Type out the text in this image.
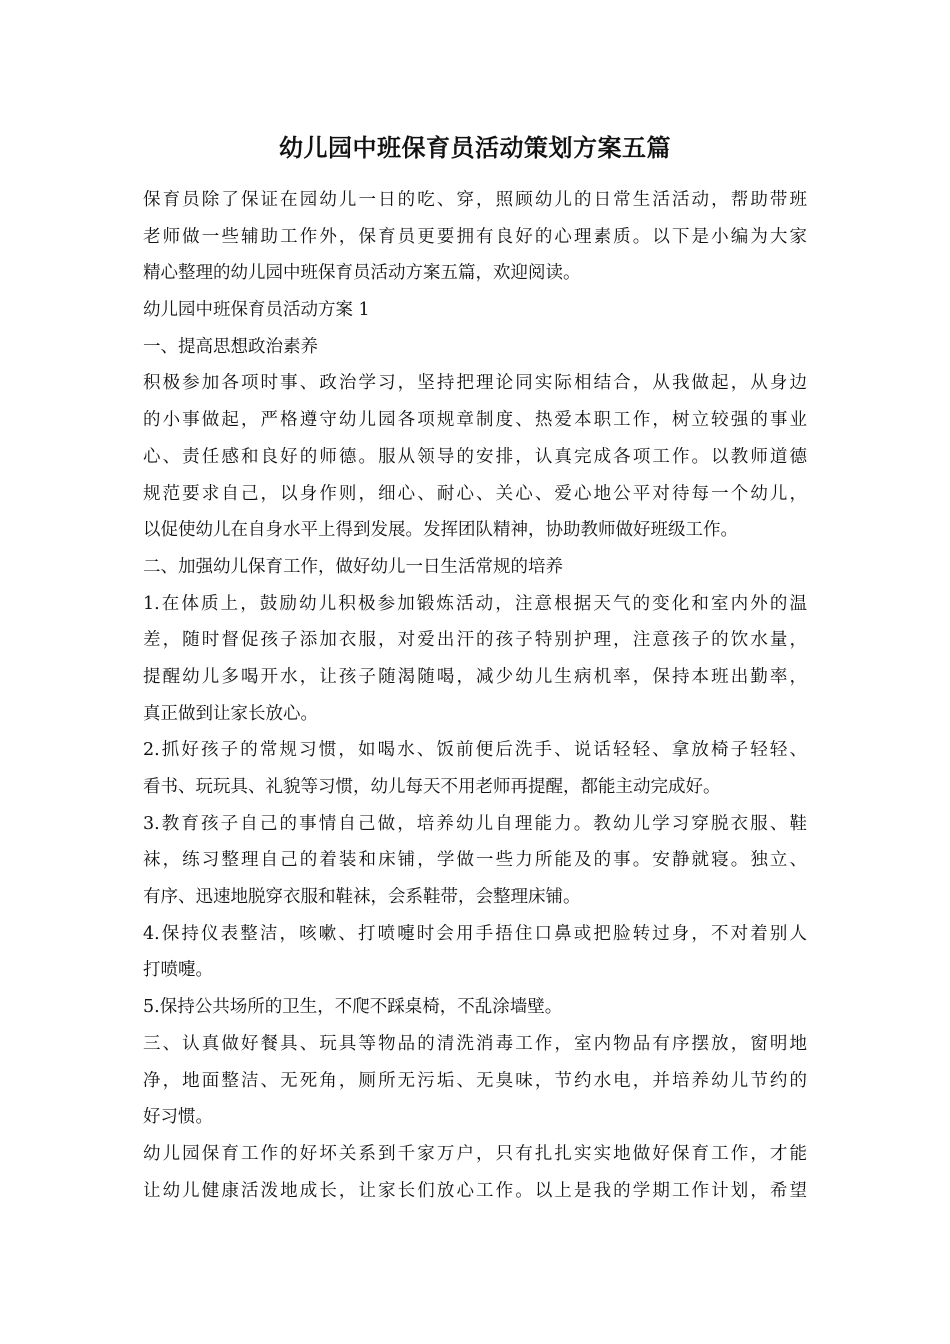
幼儿园中班保育员活动策划方案五篇
保育员除了保证在园幼儿一日的吃、穿，照顾幼儿的日常生活活动，帮助带班
老师做一些辅助工作外，保育员更要拥有良好的心理素质。以下是小编为大家
精心整理的幼儿园中班保育员活动方案五篇，欢迎阅读。
幼儿园中班保育员活动方案 1
一、提高思想政治素养
积极参加各项时事、政治学习，坚持把理论同实际相结合，从我做起，从身边
的小事做起，严格遵守幼儿园各项规章制度、热爱本职工作，树立较强的事业
心、责任感和良好的师德。服从领导的安排，认真完成各项工作。以教师道德
规范要求自己，以身作则，细心、耐心、关心、爱心地公平对待每一个幼儿，
以促使幼儿在自身水平上得到发展。发挥团队精神，协助教师做好班级工作。
二、加强幼儿保育工作，做好幼儿一日生活常规的培养
1.在体质上，鼓励幼儿积极参加锻炼活动，注意根据天气的变化和室内外的温
差，随时督促孩子添加衣服，对爱出汗的孩子特别护理，注意孩子的饮水量，
提醒幼儿多喝开水，让孩子随渴随喝，减少幼儿生病机率，保持本班出勤率，
真正做到让家长放心。
2.抓好孩子的常规习惯，如喝水、饭前便后洗手、说话轻轻、拿放椅子轻轻、
看书、玩玩具、礼貌等习惯，幼儿每天不用老师再提醒，都能主动完成好。
3.教育孩子自己的事情自己做，培养幼儿自理能力。教幼儿学习穿脱衣服、鞋
袜，练习整理自己的着装和床铺，学做一些力所能及的事。安静就寝。独立、
有序、迅速地脱穿衣服和鞋袜，会系鞋带，会整理床铺。
4.保持仪表整洁，咳嗽、打喷嚏时会用手捂住口鼻或把脸转过身，不对着别人
打喷嚏。
5.保持公共场所的卫生，不爬不踩桌椅，不乱涂墙壁。
三、认真做好餐具、玩具等物品的清洗消毒工作，室内物品有序摆放，窗明地
净，地面整洁、无死角，厕所无污垢、无臭味，节约水电，并培养幼儿节约的
好习惯。
幼儿园保育工作的好坏关系到千家万户，只有扎扎实实地做好保育工作，才能
让幼儿健康活泼地成长，让家长们放心工作。以上是我的学期工作计划，希望
